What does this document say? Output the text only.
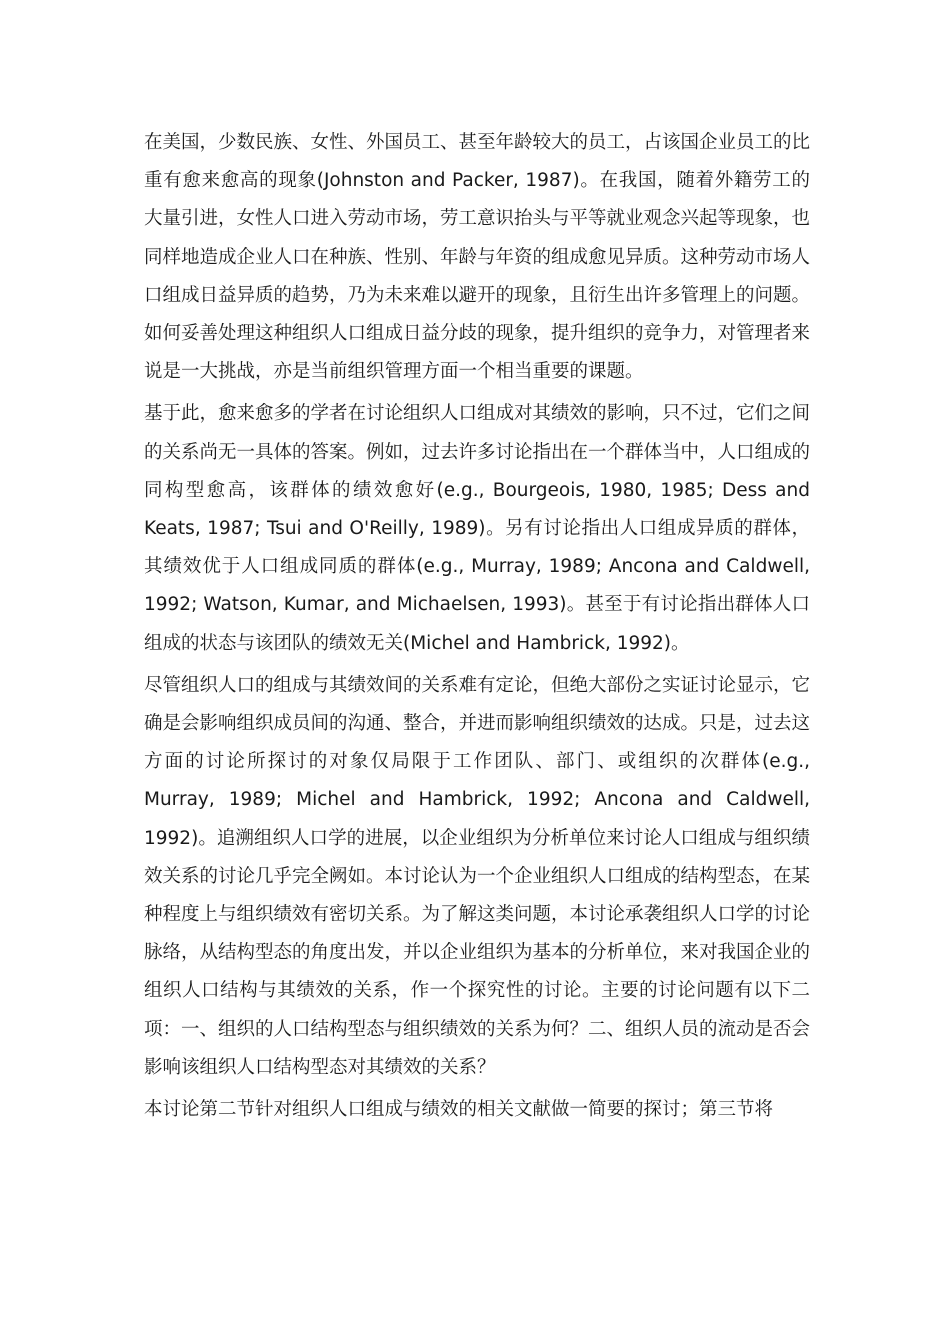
在美国，少数民族、女性、外国员工、甚至年龄较大的员工，占该国企业员工的比重有愈来愈高的现象(Johnston and Packer, 1987)。在我国，随着外籍劳工的大量引进，女性人口进入劳动市场，劳工意识抬头与平等就业观念兴起等现象，也同样地造成企业人口在种族、性别、年龄与年资的组成愈见异质。这种劳动市场人口组成日益异质的趋势，乃为未来难以避开的现象，且衍生出许多管理上的问题。如何妥善处理这种组织人口组成日益分歧的现象，提升组织的竞争力，对管理者来说是一大挑战，亦是当前组织管理方面一个相当重要的课题。

基于此，愈来愈多的学者在讨论组织人口组成对其绩效的影响，只不过，它们之间的关系尚无一具体的答案。例如，过去许多讨论指出在一个群体当中，人口组成的同构型愈高，该群体的绩效愈好(e.g., Bourgeois, 1980, 1985; Dess and Keats, 1987; Tsui and O'Reilly, 1989)。另有讨论指出人口组成异质的群体，其绩效优于人口组成同质的群体(e.g., Murray, 1989; Ancona and Caldwell, 1992; Watson, Kumar, and Michaelsen, 1993)。甚至于有讨论指出群体人口组成的状态与该团队的绩效无关(Michel and Hambrick, 1992)。

尽管组织人口的组成与其绩效间的关系难有定论，但绝大部份之实证讨论显示，它确是会影响组织成员间的沟通、整合，并进而影响组织绩效的达成。只是，过去这方面的讨论所探讨的对象仅局限于工作团队、部门、或组织的次群体(e.g., Murray, 1989; Michel and Hambrick, 1992; Ancona and Caldwell, 1992)。追溯组织人口学的进展，以企业组织为分析单位来讨论人口组成与组织绩效关系的讨论几乎完全阙如。本讨论认为一个企业组织人口组成的结构型态，在某种程度上与组织绩效有密切关系。为了解这类问题，本讨论承袭组织人口学的讨论脉络，从结构型态的角度出发，并以企业组织为基本的分析单位，来对我国企业的组织人口结构与其绩效的关系，作一个探究性的讨论。主要的讨论问题有以下二项：一、组织的人口结构型态与组织绩效的关系为何？二、组织人员的流动是否会影响该组织人口结构型态对其绩效的关系？

本讨论第二节针对组织人口组成与绩效的相关文献做一简要的探讨；第三节将
